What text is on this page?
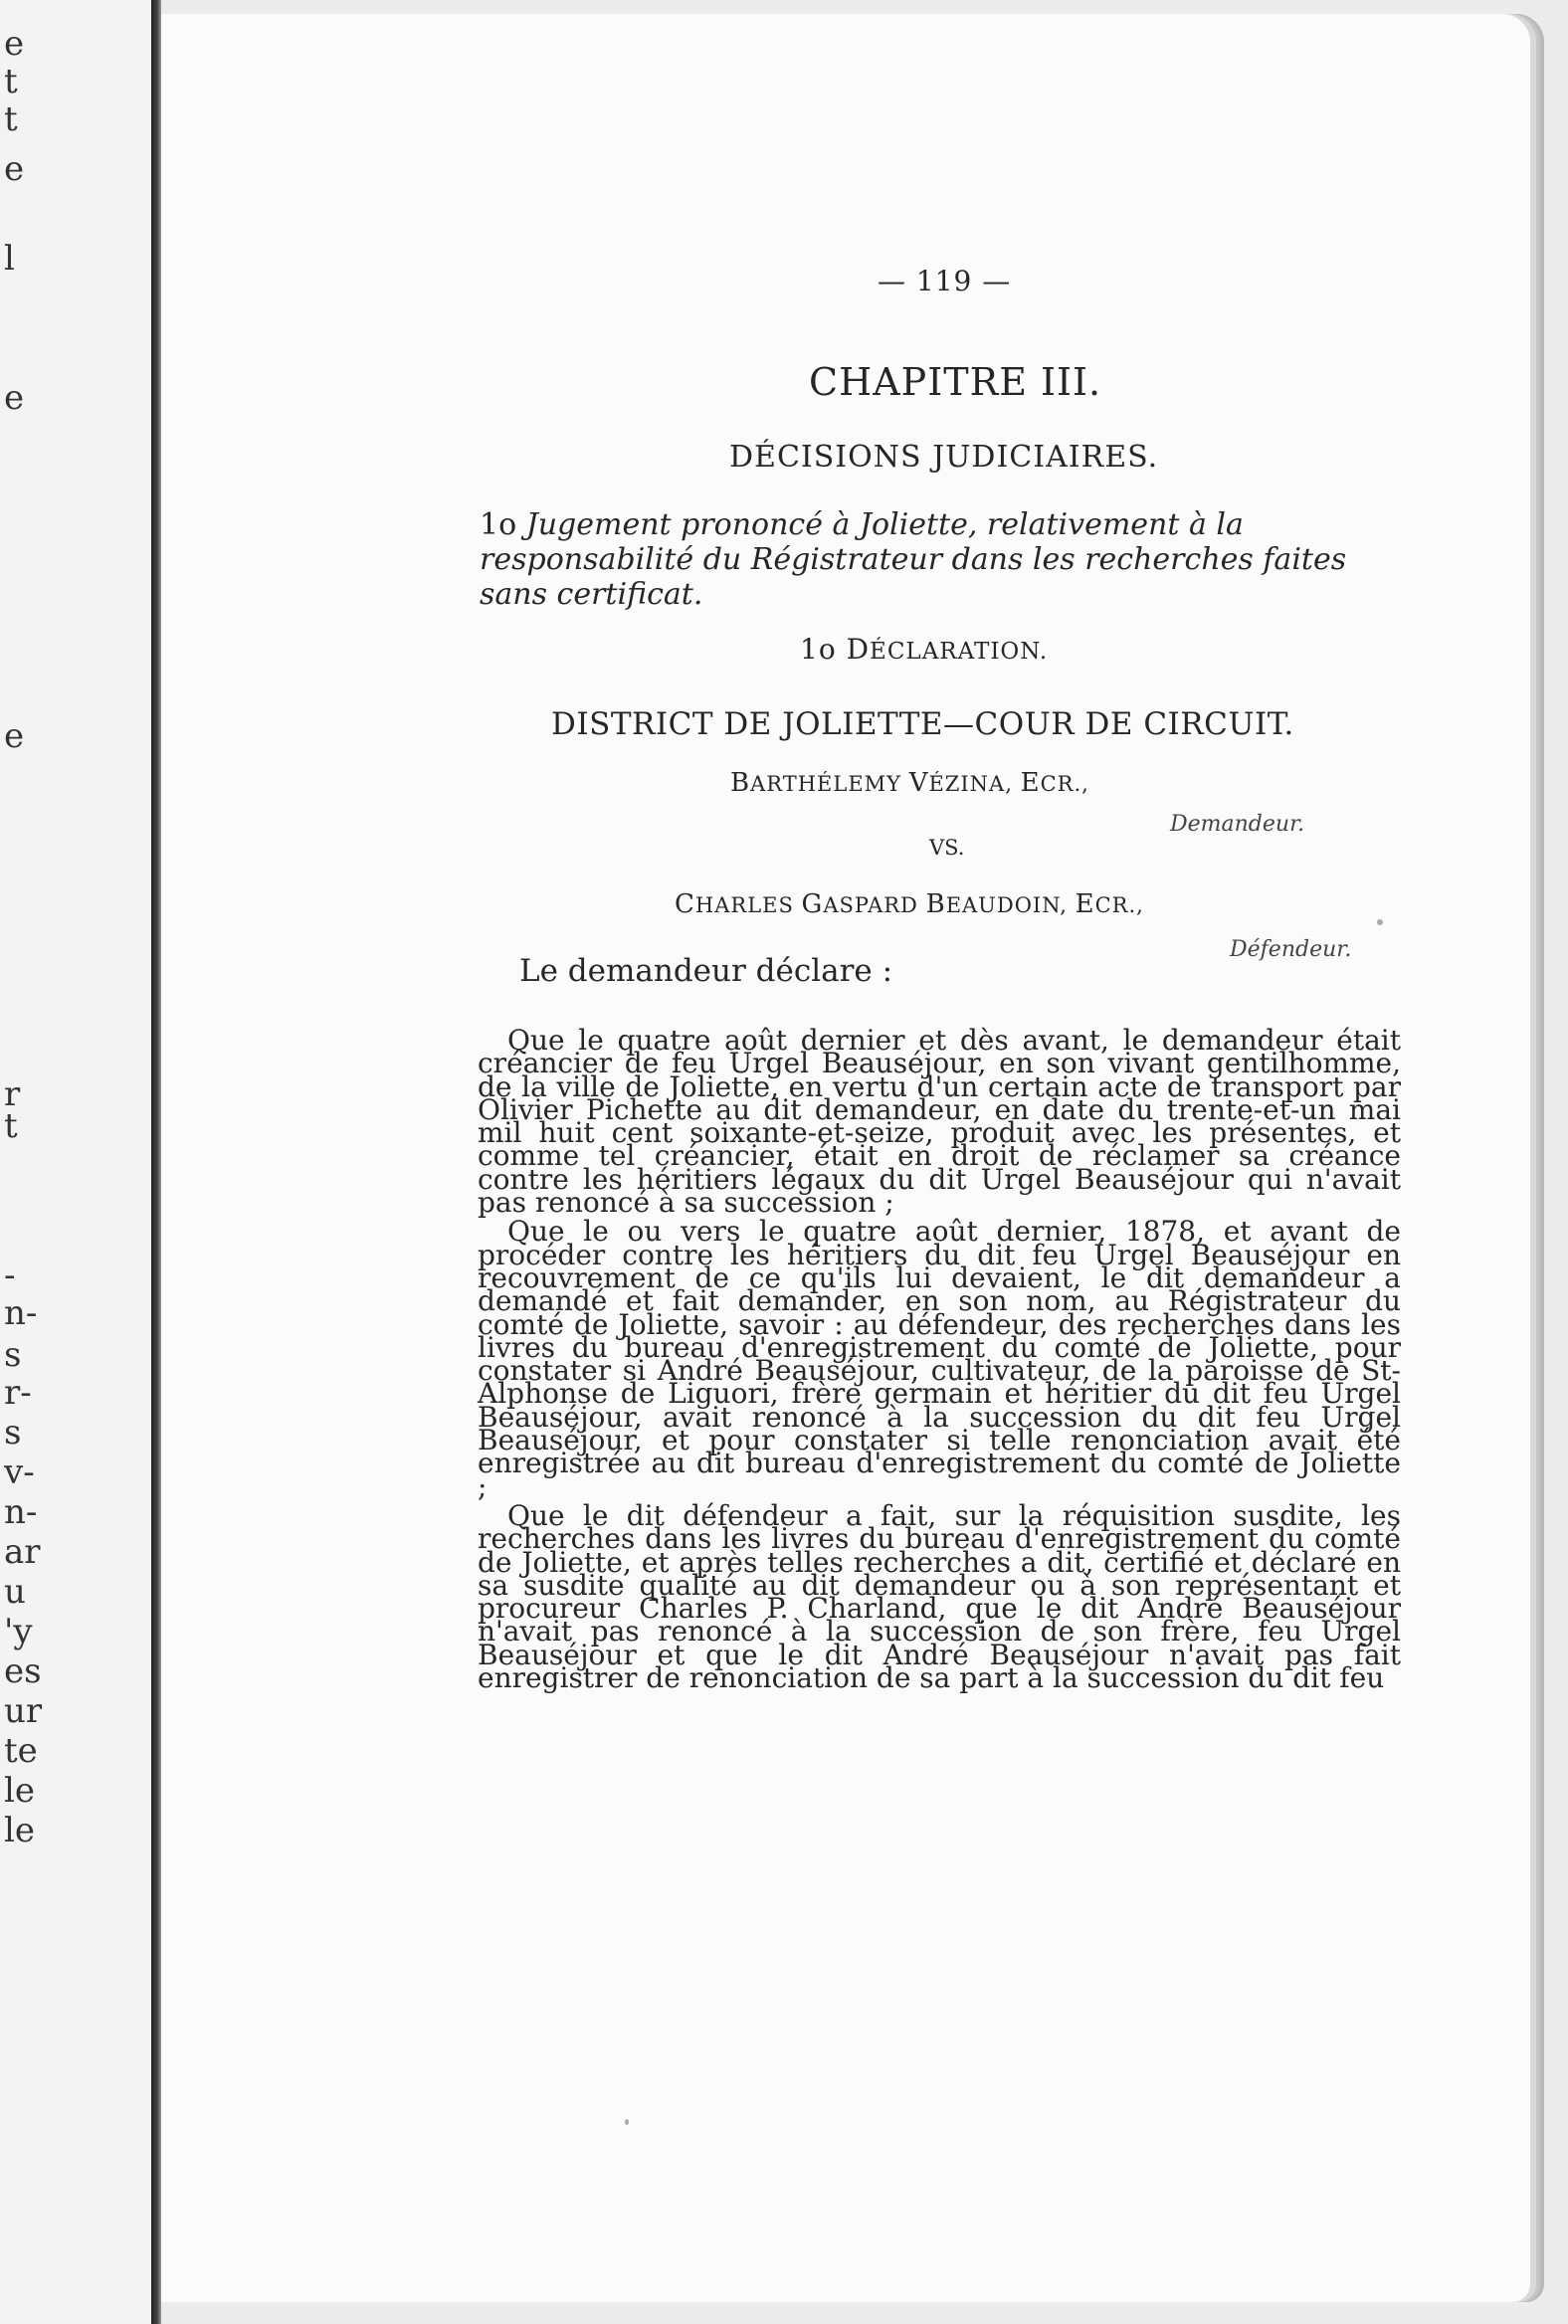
e
t
t
e
l
e
e
r
t
-
n-
s
r-
s
v-
n-
ar
u
'y
es
ur
te
le
le
— 119 —
CHAPITRE III.
DÉCISIONS JUDICIAIRES.
1o Jugement prononcé à Joliette, relativement à la responsabilité du Régistrateur dans les recherches faites sans certificat.
1o DÉCLARATION.
DISTRICT DE JOLIETTE—COUR DE CIRCUIT.
BARTHÉLEMY VÉZINA, ECR.,
Demandeur.
VS.
CHARLES GASPARD BEAUDOIN, ECR.,
Défendeur.
Le demandeur déclare :

Que le quatre août dernier et dès avant, le demandeur était créancier de feu Urgel Beauséjour, en son vivant gentilhomme, de la ville de Joliette, en vertu d'un certain acte de transport par Olivier Pichette au dit demandeur, en date du trente-et-un mai mil huit cent soixante-et-seize, produit avec les présentes, et comme tel créancier, était en droit de réclamer sa créance contre les héritiers légaux du dit Urgel Beauséjour qui n'avait pas renoncé à sa succession ;

Que le ou vers le quatre août dernier, 1878, et avant de procéder contre les héritiers du dit feu Urgel Beauséjour en recouvrement de ce qu'ils lui devaient, le dit demandeur a demandé et fait demander, en son nom, au Régistrateur du comté de Joliette, savoir : au défendeur, des recherches dans les livres du bureau d'enregistrement du comté de Joliette, pour constater si André Beauséjour, cultivateur, de la paroisse de St-Alphonse de Liguori, frère germain et héritier du dit feu Urgel Beauséjour, avait renoncé à la succession du dit feu Urgel Beauséjour, et pour constater si telle renonciation avait été enregistrée au dit bureau d'enregistrement du comté de Joliette ;

Que le dit défendeur a fait, sur la réquisition susdite, les recherches dans les livres du bureau d'enregistrement du comté de Joliette, et après telles recherches a dit, certifié et déclaré en sa susdite qualité au dit demandeur ou à son représentant et procureur Charles P. Charland, que le dit André Beauséjour n'avait pas renoncé à la succession de son frère, feu Urgel Beauséjour et que le dit André Beauséjour n'avait pas fait enregistrer de renonciation de sa part à la succession du dit feu
